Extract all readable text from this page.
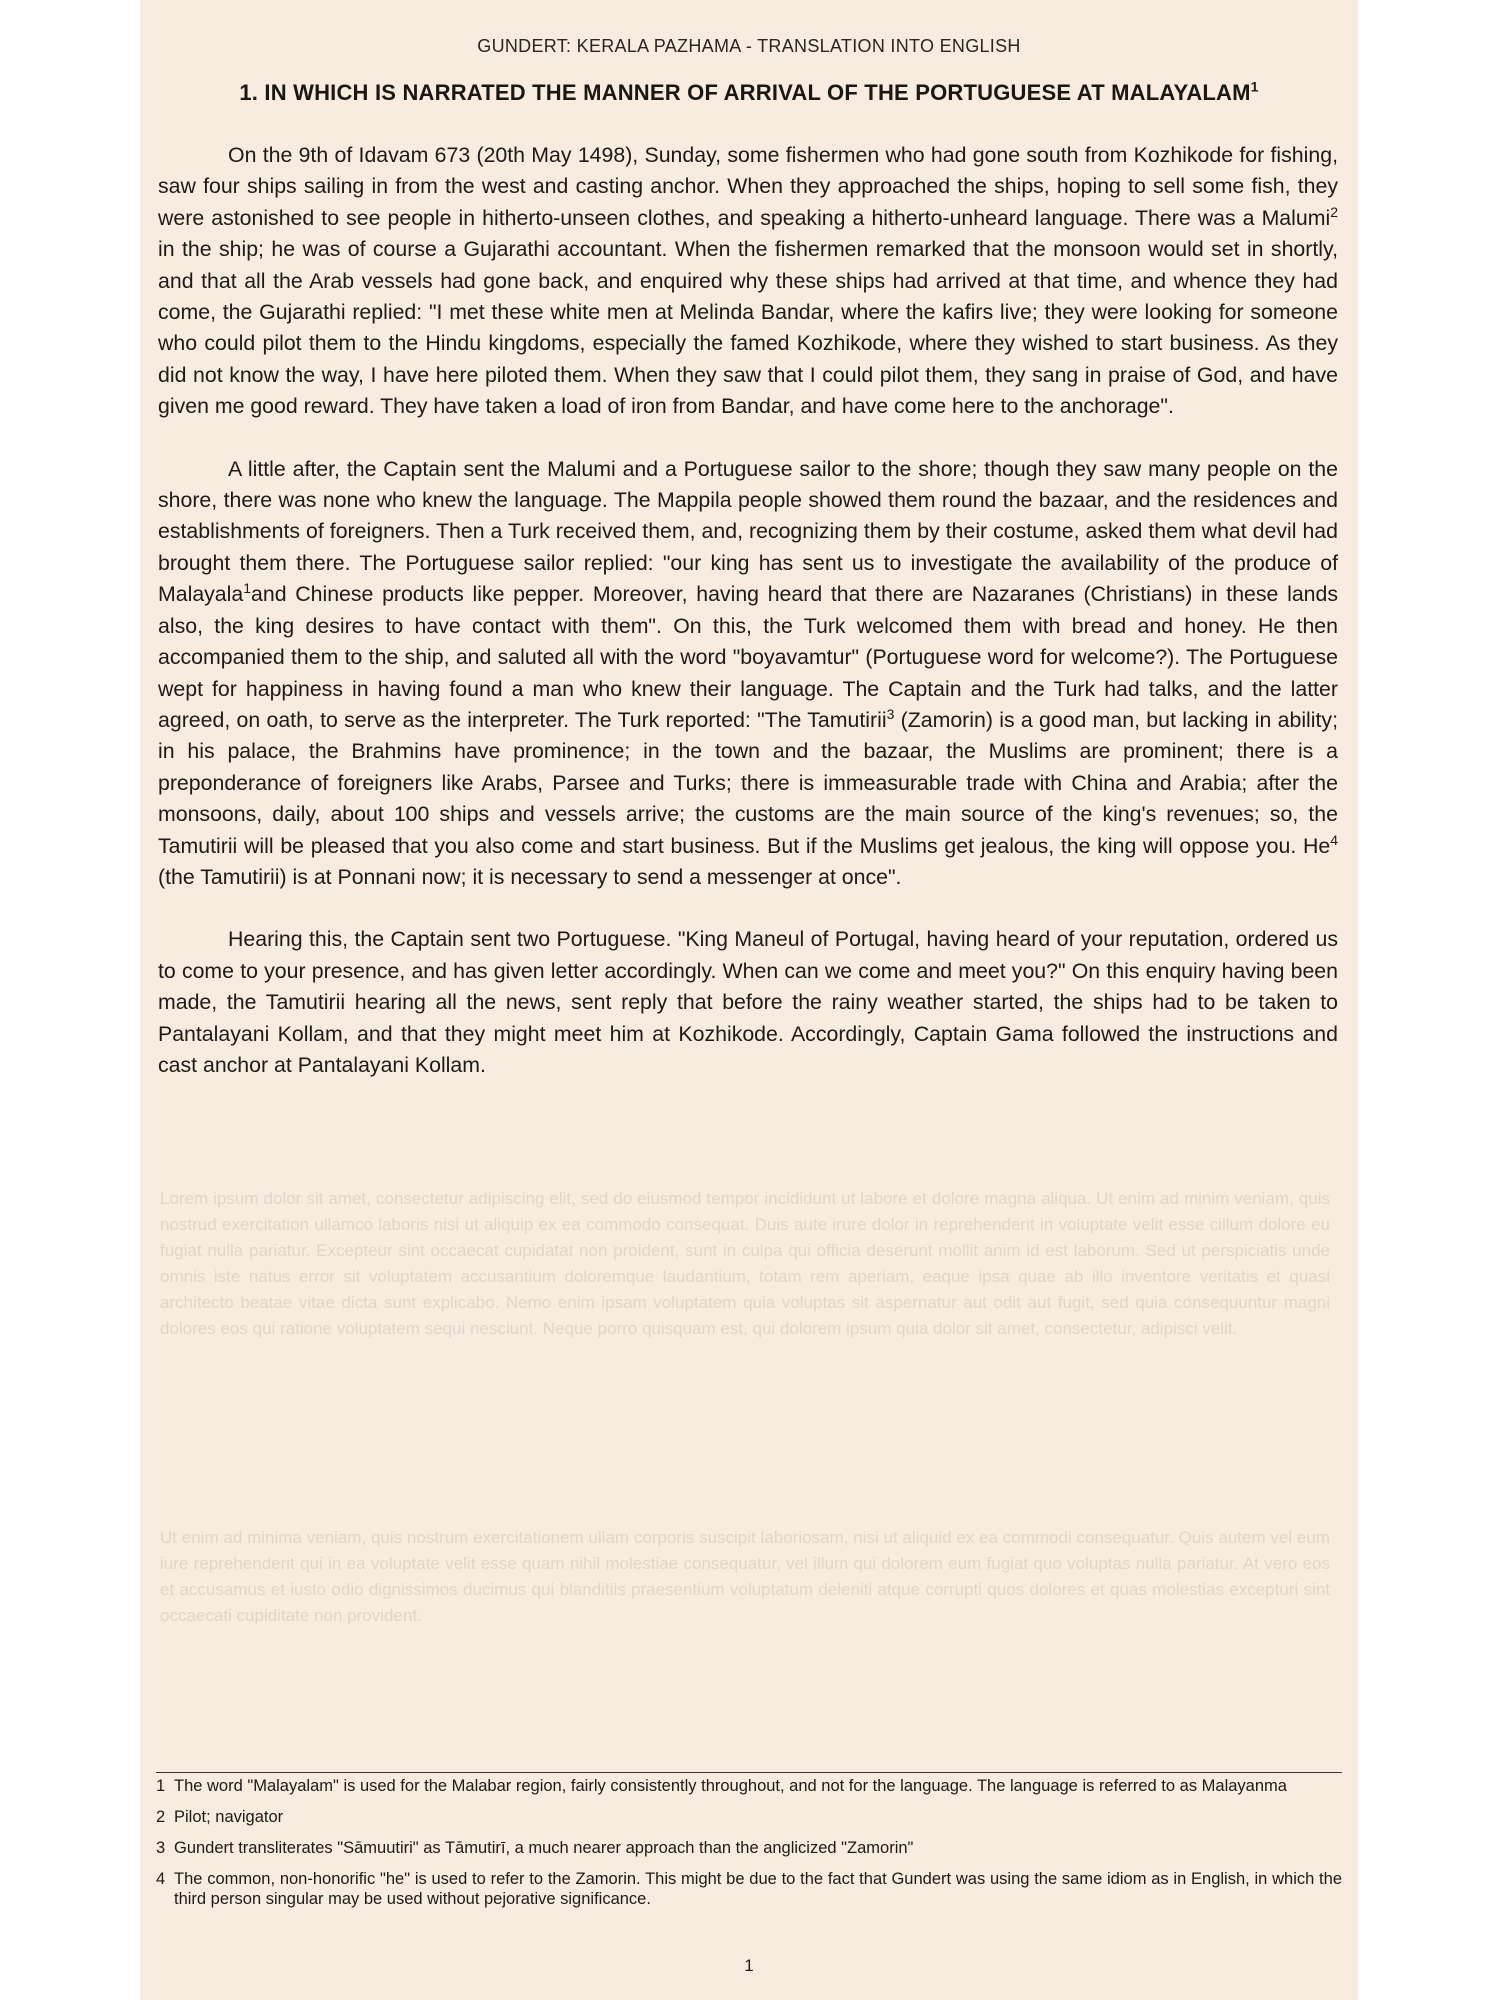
GUNDERT: KERALA PAZHAMA - TRANSLATION INTO ENGLISH
1. IN WHICH IS NARRATED THE MANNER OF ARRIVAL OF THE PORTUGUESE AT MALAYALAM$^1$

On the 9th of Idavam 673 (20th May 1498), Sunday, some fishermen who had gone south from Kozhikode for fishing, saw four ships sailing in from the west and casting anchor. When they approached the ships, hoping to sell some fish, they were astonished to see people in hitherto-unseen clothes, and speaking a hitherto-unheard language. There was a Malumi$^2$ in the ship; he was of course a Gujarathi accountant. When the fishermen remarked that the monsoon would set in shortly, and that all the Arab vessels had gone back, and enquired why these ships had arrived at that time, and whence they had come, the Gujarathi replied: "I met these white men at Melinda Bandar, where the kafirs live; they were looking for someone who could pilot them to the Hindu kingdoms, especially the famed Kozhikode, where they wished to start business. As they did not know the way, I have here piloted them. When they saw that I could pilot them, they sang in praise of God, and have given me good reward. They have taken a load of iron from Bandar, and have come here to the anchorage".

A little after, the Captain sent the Malumi and a Portuguese sailor to the shore; though they saw many people on the shore, there was none who knew the language. The Mappila people showed them round the bazaar, and the residences and establishments of foreigners. Then a Turk received them, and, recognizing them by their costume, asked them what devil had brought them there. The Portuguese sailor replied: "our king has sent us to investigate the availability of the produce of Malayala$^1$and Chinese products like pepper. Moreover, having heard that there are Nazaranes (Christians) in these lands also, the king desires to have contact with them". On this, the Turk welcomed them with bread and honey. He then accompanied them to the ship, and saluted all with the word "boyavamtur" (Portuguese word for welcome?). The Portuguese wept for happiness in having found a man who knew their language. The Captain and the Turk had talks, and the latter agreed, on oath, to serve as the interpreter. The Turk reported: "The Tamutirii$^3$ (Zamorin) is a good man, but lacking in ability; in his palace, the Brahmins have prominence; in the town and the bazaar, the Muslims are prominent; there is a preponderance of foreigners like Arabs, Parsee and Turks; there is immeasurable trade with China and Arabia; after the monsoons, daily, about 100 ships and vessels arrive; the customs are the main source of the king's revenues; so, the Tamutirii will be pleased that you also come and start business. But if the Muslims get jealous, the king will oppose you. He$^4$ (the Tamutirii) is at Ponnani now; it is necessary to send a messenger at once".

Hearing this, the Captain sent two Portuguese. "King Maneul of Portugal, having heard of your reputation, ordered us to come to your presence, and has given letter accordingly. When can we come and meet you?" On this enquiry having been made, the Tamutirii hearing all the news, sent reply that before the rainy weather started, the ships had to be taken to Pantalayani Kollam, and that they might meet him at Kozhikode. Accordingly, Captain Gama followed the instructions and cast anchor at Pantalayani Kollam.

Lorem ipsum dolor sit amet, consectetur adipiscing elit, sed do eiusmod tempor incididunt ut labore et dolore magna aliqua. Ut enim ad minim veniam, quis nostrud exercitation ullamco laboris nisi ut aliquip ex ea commodo consequat. Duis aute irure dolor in reprehenderit in voluptate velit esse cillum dolore eu fugiat nulla pariatur. Excepteur sint occaecat cupidatat non proident, sunt in culpa qui officia deserunt mollit anim id est laborum. Sed ut perspiciatis unde omnis iste natus error sit voluptatem accusantium doloremque laudantium, totam rem aperiam, eaque ipsa quae ab illo inventore veritatis et quasi architecto beatae vitae dicta sunt explicabo. Nemo enim ipsam voluptatem quia voluptas sit aspernatur aut odit aut fugit, sed quia consequuntur magni dolores eos qui ratione voluptatem sequi nesciunt. Neque porro quisquam est, qui dolorem ipsum quia dolor sit amet, consectetur, adipisci velit.
Ut enim ad minima veniam, quis nostrum exercitationem ullam corporis suscipit laboriosam, nisi ut aliquid ex ea commodi consequatur. Quis autem vel eum iure reprehenderit qui in ea voluptate velit esse quam nihil molestiae consequatur, vel illum qui dolorem eum fugiat quo voluptas nulla pariatur. At vero eos et accusamus et iusto odio dignissimos ducimus qui blanditiis praesentium voluptatum deleniti atque corrupti quos dolores et quas molestias excepturi sint occaecati cupiditate non provident.
1 The word "Malayalam" is used for the Malabar region, fairly consistently throughout, and not for the language. The language is referred to as Malayanma
2 Pilot; navigator
3 Gundert transliterates "Sāmuutiri" as Tāmutirī, a much nearer approach than the anglicized "Zamorin"
4 The common, non-honorific "he" is used to refer to the Zamorin. This might be due to the fact that Gundert was using the same idiom as in English, in which the third person singular may be used without pejorative significance.
1
